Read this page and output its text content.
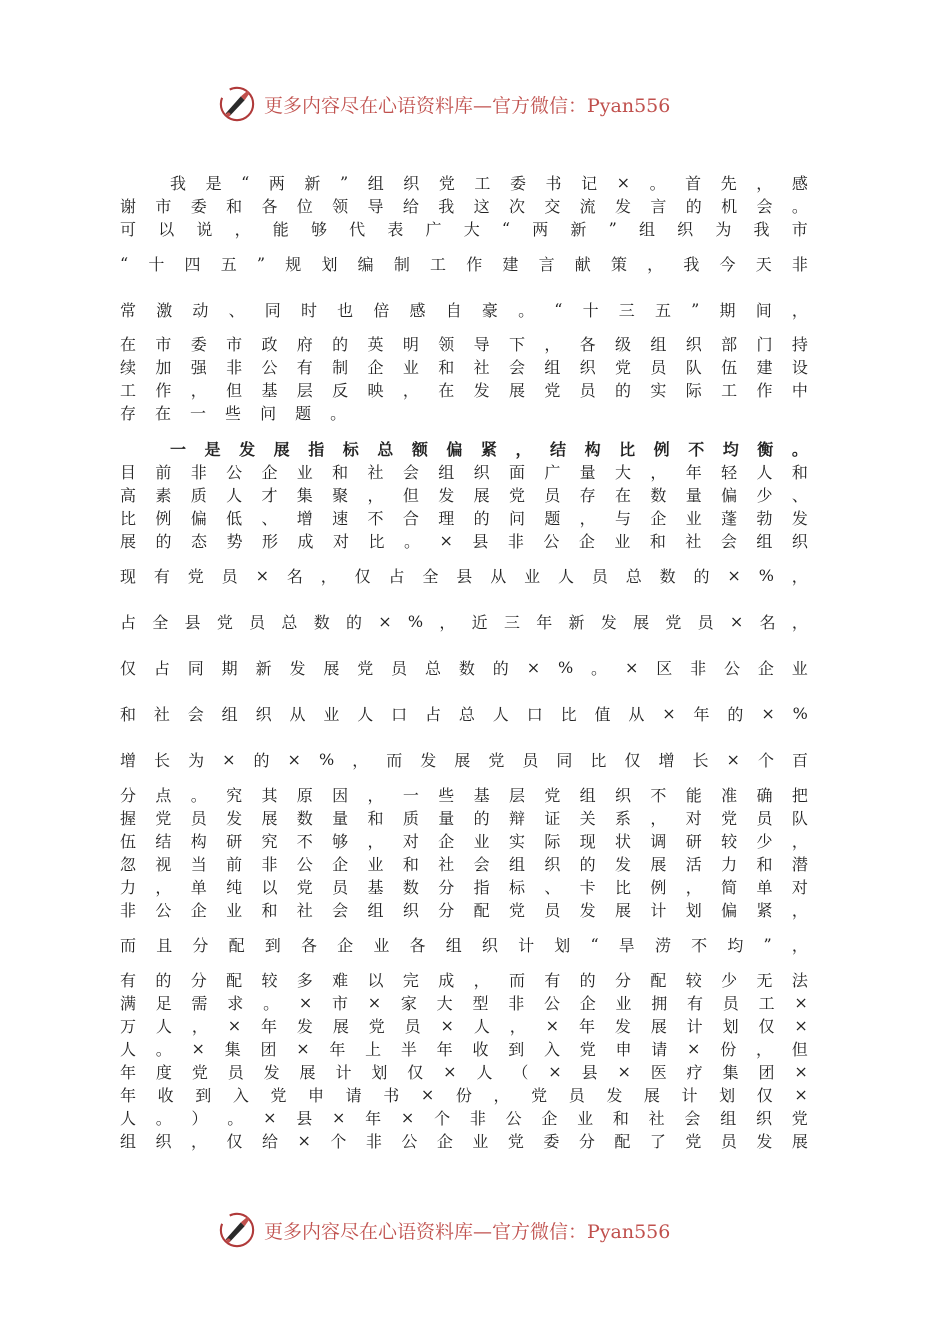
更多内容尽在心语资料库—官方微信：Pyan556
我 是 “ 两 新 ” 组 织 党 工 委 书 记 × 。 首 先 ， 感
谢 市 委 和 各 位 领 导 给 我 这 次 交 流 发 言 的 机 会 。
可 以 说 ， 能 够 代 表 广 大 “ 两 新 ” 组 织 为 我 市
“ 十 四 五 ” 规 划 编 制 工 作 建 言 献 策 ， 我 今 天 非
常 激 动 、 同 时 也 倍 感 自 豪 。 “ 十 三 五 ” 期 间 ，
在 市 委 市 政 府 的 英 明 领 导 下 ， 各 级 组 织 部 门 持
续 加 强 非 公 有 制 企 业 和 社 会 组 织 党 员 队 伍 建 设
工 作 ， 但 基 层 反 映 ， 在 发 展 党 员 的 实 际 工 作 中
存 在 一 些 问 题 。
一 是 发 展 指 标 总 额 偏 紧 ， 结 构 比 例 不 均 衡 。
目 前 非 公 企 业 和 社 会 组 织 面 广 量 大 ， 年 轻 人 和
高 素 质 人 才 集 聚 ， 但 发 展 党 员 存 在 数 量 偏 少 、
比 例 偏 低 、 增 速 不 合 理 的 问 题 ， 与 企 业 蓬 勃 发
展 的 态 势 形 成 对 比 。 × 县 非 公 企 业 和 社 会 组 织
现 有 党 员 × 名 ， 仅 占 全 县 从 业 人 员 总 数 的 × % ，
占 全 县 党 员 总 数 的 × % ， 近 三 年 新 发 展 党 员 × 名 ，
仅 占 同 期 新 发 展 党 员 总 数 的 × % 。 × 区 非 公 企 业
和 社 会 组 织 从 业 人 口 占 总 人 口 比 值 从 × 年 的 × %
增 长 为 × 的 × % ， 而 发 展 党 员 同 比 仅 增 长 × 个 百
分 点 。 究 其 原 因 ， 一 些 基 层 党 组 织 不 能 准 确 把
握 党 员 发 展 数 量 和 质 量 的 辩 证 关 系 ， 对 党 员 队
伍 结 构 研 究 不 够 ， 对 企 业 实 际 现 状 调 研 较 少 ，
忽 视 当 前 非 公 企 业 和 社 会 组 织 的 发 展 活 力 和 潜
力 ， 单 纯 以 党 员 基 数 分 指 标 、 卡 比 例 ， 简 单 对
非 公 企 业 和 社 会 组 织 分 配 党 员 发 展 计 划 偏 紧 ，
而 且 分 配 到 各 企 业 各 组 织 计 划 “ 旱 涝 不 均 ” ，
有 的 分 配 较 多 难 以 完 成 ， 而 有 的 分 配 较 少 无 法
满 足 需 求 。 × 市 × 家 大 型 非 公 企 业 拥 有 员 工 ×
万 人 ， × 年 发 展 党 员 × 人 ， × 年 发 展 计 划 仅 ×
人 。 × 集 团 × 年 上 半 年 收 到 入 党 申 请 × 份 ， 但
年 度 党 员 发 展 计 划 仅 × 人 （ × 县 × 医 疗 集 团 ×
年 收 到 入 党 申 请 书 × 份 ， 党 员 发 展 计 划 仅 ×
人 。 ） 。 × 县 × 年 × 个 非 公 企 业 和 社 会 组 织 党
组 织 ， 仅 给 × 个 非 公 企 业 党 委 分 配 了 党 员 发 展
更多内容尽在心语资料库—官方微信：Pyan556
